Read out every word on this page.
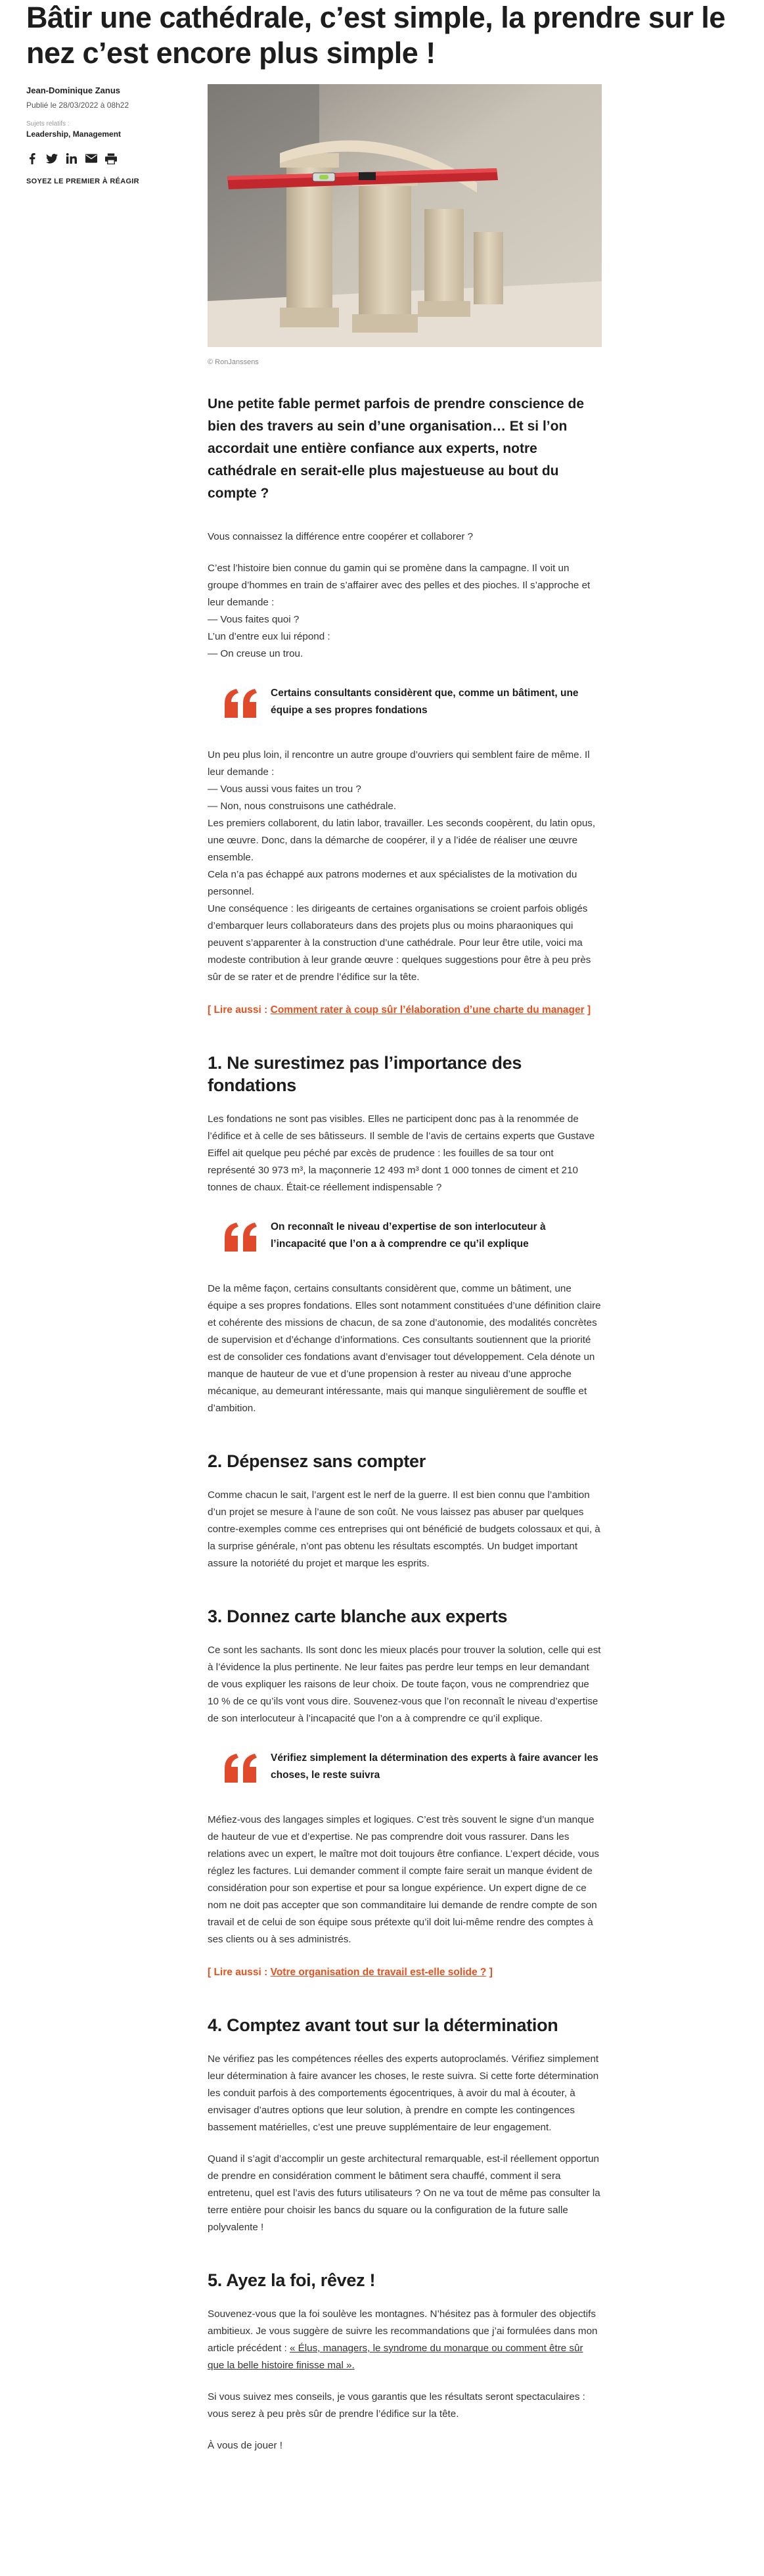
Bâtir une cathédrale, c’est simple, la prendre sur le nez c’est encore plus simple !
Jean-Dominique Zanus
Publié le 28/03/2022 à 08h22
Sujets relatifs :
Leadership, Management
SOYEZ LE PREMIER À RÉAGIR
© RonJanssens

Une petite fable permet parfois de prendre conscience de bien des travers au sein d’une organisation… Et si l’on accordait une entière confiance aux experts, notre cathédrale en serait-elle plus majestueuse au bout du compte ?

Vous connaissez la différence entre coopérer et collaborer ?

C’est l’histoire bien connue du gamin qui se promène dans la campagne. Il voit un groupe d’hommes en train de s’affairer avec des pelles et des pioches. Il s’approche et leur demande :
— Vous faites quoi ?
L’un d’entre eux lui répond :
— On creuse un trou.
Certains consultants considèrent que, comme un bâtiment, une équipe a ses propres fondations
Un peu plus loin, il rencontre un autre groupe d’ouvriers qui semblent faire de même. Il leur demande :
— Vous aussi vous faites un trou ?
— Non, nous construisons une cathédrale.
Les premiers collaborent, du latin labor, travailler. Les seconds coopèrent, du latin opus, une œuvre. Donc, dans la démarche de coopérer, il y a l’idée de réaliser une œuvre ensemble.
Cela n’a pas échappé aux patrons modernes et aux spécialistes de la motivation du personnel.
Une conséquence : les dirigeants de certaines organisations se croient parfois obligés d’embarquer leurs collaborateurs dans des projets plus ou moins pharaoniques qui peuvent s’apparenter à la construction d’une cathédrale. Pour leur être utile, voici ma modeste contribution à leur grande œuvre : quelques suggestions pour être à peu près sûr de se rater et de prendre l’édifice sur la tête.

[ Lire aussi : Comment rater à coup sûr l’élaboration d’une charte du manager ]

1. Ne surestimez pas l’importance des fondations

Les fondations ne sont pas visibles. Elles ne participent donc pas à la renommée de l’édifice et à celle de ses bâtisseurs. Il semble de l’avis de certains experts que Gustave Eiffel ait quelque peu péché par excès de prudence : les fouilles de sa tour ont représenté 30 973 m³, la maçonnerie 12 493 m³ dont 1 000 tonnes de ciment et 210 tonnes de chaux. Était-ce réellement indispensable ?

On reconnaît le niveau d’expertise de son interlocuteur à l’incapacité que l’on a à comprendre ce qu’il explique

De la même façon, certains consultants considèrent que, comme un bâtiment, une équipe a ses propres fondations. Elles sont notamment constituées d’une définition claire et cohérente des missions de chacun, de sa zone d’autonomie, des modalités concrètes de supervision et d’échange d’informations. Ces consultants soutiennent que la priorité est de consolider ces fondations avant d’envisager tout développement. Cela dénote un manque de hauteur de vue et d’une propension à rester au niveau d’une approche mécanique, au demeurant intéressante, mais qui manque singulièrement de souffle et d’ambition.

2. Dépensez sans compter

Comme chacun le sait, l’argent est le nerf de la guerre. Il est bien connu que l’ambition d’un projet se mesure à l’aune de son coût. Ne vous laissez pas abuser par quelques contre-exemples comme ces entreprises qui ont bénéficié de budgets colossaux et qui, à la surprise générale, n’ont pas obtenu les résultats escomptés. Un budget important assure la notoriété du projet et marque les esprits.

3. Donnez carte blanche aux experts

Ce sont les sachants. Ils sont donc les mieux placés pour trouver la solution, celle qui est à l’évidence la plus pertinente. Ne leur faites pas perdre leur temps en leur demandant de vous expliquer les raisons de leur choix. De toute façon, vous ne comprendriez que 10 % de ce qu’ils vont vous dire. Souvenez-vous que l’on reconnaît le niveau d’expertise de son interlocuteur à l’incapacité que l’on a à comprendre ce qu’il explique.

Vérifiez simplement la détermination des experts à faire avancer les choses, le reste suivra

Méfiez-vous des langages simples et logiques. C’est très souvent le signe d’un manque de hauteur de vue et d’expertise. Ne pas comprendre doit vous rassurer. Dans les relations avec un expert, le maître mot doit toujours être confiance. L’expert décide, vous réglez les factures. Lui demander comment il compte faire serait un manque évident de considération pour son expertise et pour sa longue expérience. Un expert digne de ce nom ne doit pas accepter que son commanditaire lui demande de rendre compte de son travail et de celui de son équipe sous prétexte qu’il doit lui-même rendre des comptes à ses clients ou à ses administrés.

[ Lire aussi : Votre organisation de travail est-elle solide ? ]

4. Comptez avant tout sur la détermination

Ne vérifiez pas les compétences réelles des experts autoproclamés. Vérifiez simplement leur détermination à faire avancer les choses, le reste suivra. Si cette forte détermination les conduit parfois à des comportements égocentriques, à avoir du mal à écouter, à envisager d’autres options que leur solution, à prendre en compte les contingences bassement matérielles, c’est une preuve supplémentaire de leur engagement.

Quand il s’agit d’accomplir un geste architectural remarquable, est-il réellement opportun de prendre en considération comment le bâtiment sera chauffé, comment il sera entretenu, quel est l’avis des futurs utilisateurs ? On ne va tout de même pas consulter la terre entière pour choisir les bancs du square ou la configuration de la future salle polyvalente !

5. Ayez la foi, rêvez !

Souvenez-vous que la foi soulève les montagnes. N’hésitez pas à formuler des objectifs ambitieux. Je vous suggère de suivre les recommandations que j’ai formulées dans mon article précédent : « Élus, managers, le syndrome du monarque ou comment être sûr que la belle histoire finisse mal ».

Si vous suivez mes conseils, je vous garantis que les résultats seront spectaculaires : vous serez à peu près sûr de prendre l’édifice sur la tête.

À vous de jouer !
